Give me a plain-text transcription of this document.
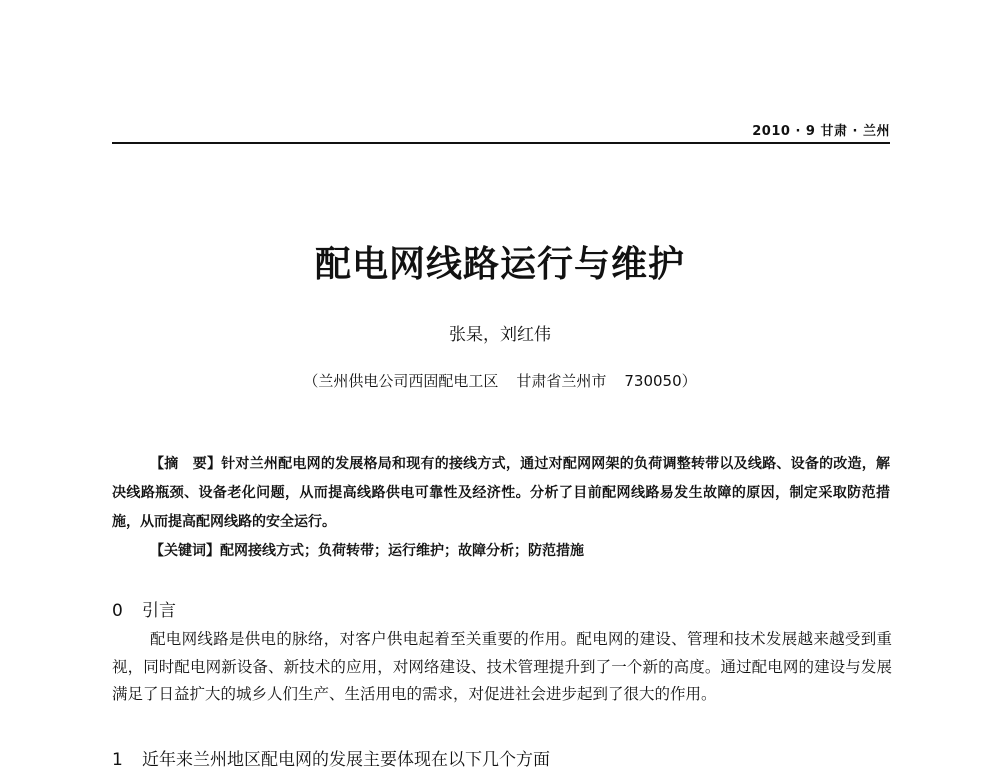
2010 · 9 甘肃 · 兰州
配电网线路运行与维护
张杲，刘红伟
（兰州供电公司西固配电工区 甘肃省兰州市 730050）

【摘　要】针对兰州配电网的发展格局和现有的接线方式，通过对配网网架的负荷调整转带以及线路、设备的改造，解决线路瓶颈、设备老化问题，从而提高线路供电可靠性及经济性。分析了目前配网线路易发生故障的原因，制定采取防范措施，从而提高配网线路的安全运行。

【关键词】配网接线方式；负荷转带；运行维护；故障分析；防范措施

0 引言

配电网线路是供电的脉络，对客户供电起着至关重要的作用。配电网的建设、管理和技术发展越来越受到重视，同时配电网新设备、新技术的应用，对网络建设、技术管理提升到了一个新的高度。通过配电网的建设与发展满足了日益扩大的城乡人们生产、生活用电的需求，对促进社会进步起到了很大的作用。

1 近年来兰州地区配电网的发展主要体现在以下几个方面
